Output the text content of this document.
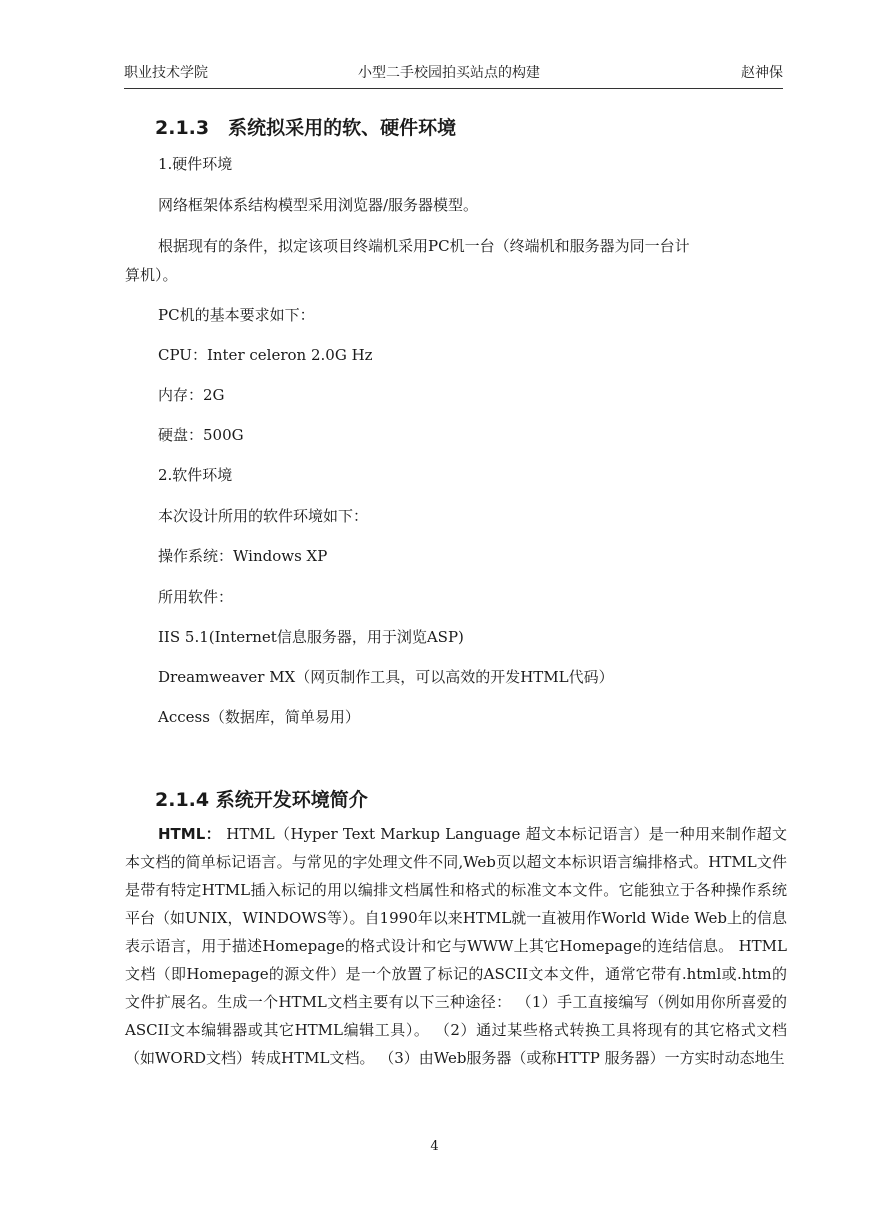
职业技术学院	小型二手校园拍买站点的构建	赵神保
2.1.3　系统拟采用的软、硬件环境
1.硬件环境
网络框架体系结构模型采用浏览器/服务器模型。
根据现有的条件，拟定该项目终端机采用PC机一台（终端机和服务器为同一台计
算机）。
PC机的基本要求如下：
CPU：Inter celeron 2.0G Hz
内存：2G
硬盘：500G
2.软件环境
本次设计所用的软件环境如下：
操作系统：Windows XP
所用软件：
IIS 5.1(Internet信息服务器，用于浏览ASP)
Dreamweaver MX（网页制作工具，可以高效的开发HTML代码）
Access（数据库，简单易用）
2.1.4 系统开发环境简介
HTML： HTML（Hyper Text Markup Language 超文本标记语言）是一种用来制作超文本文档的简单标记语言。与常见的字处理文件不同,Web页以超文本标识语言编排格式。HTML文件是带有特定HTML插入标记的用以编排文档属性和格式的标准文本文件。它能独立于各种操作系统平台（如UNIX，WINDOWS等）。自1990年以来HTML就一直被用作World Wide Web上的信息表示语言，用于描述Homepage的格式设计和它与WWW上其它Homepage的连结信息。 HTML文档（即Homepage的源文件）是一个放置了标记的ASCII文本文件，通常它带有.html或.htm的文件扩展名。生成一个HTML文档主要有以下三种途径： （1）手工直接编写（例如用你所喜爱的ASCII文本编辑器或其它HTML编辑工具）。 （2）通过某些格式转换工具将现有的其它格式文档（如WORD文档）转成HTML文档。 （3）由Web服务器（或称HTTP 服务器）一方实时动态地生
4
